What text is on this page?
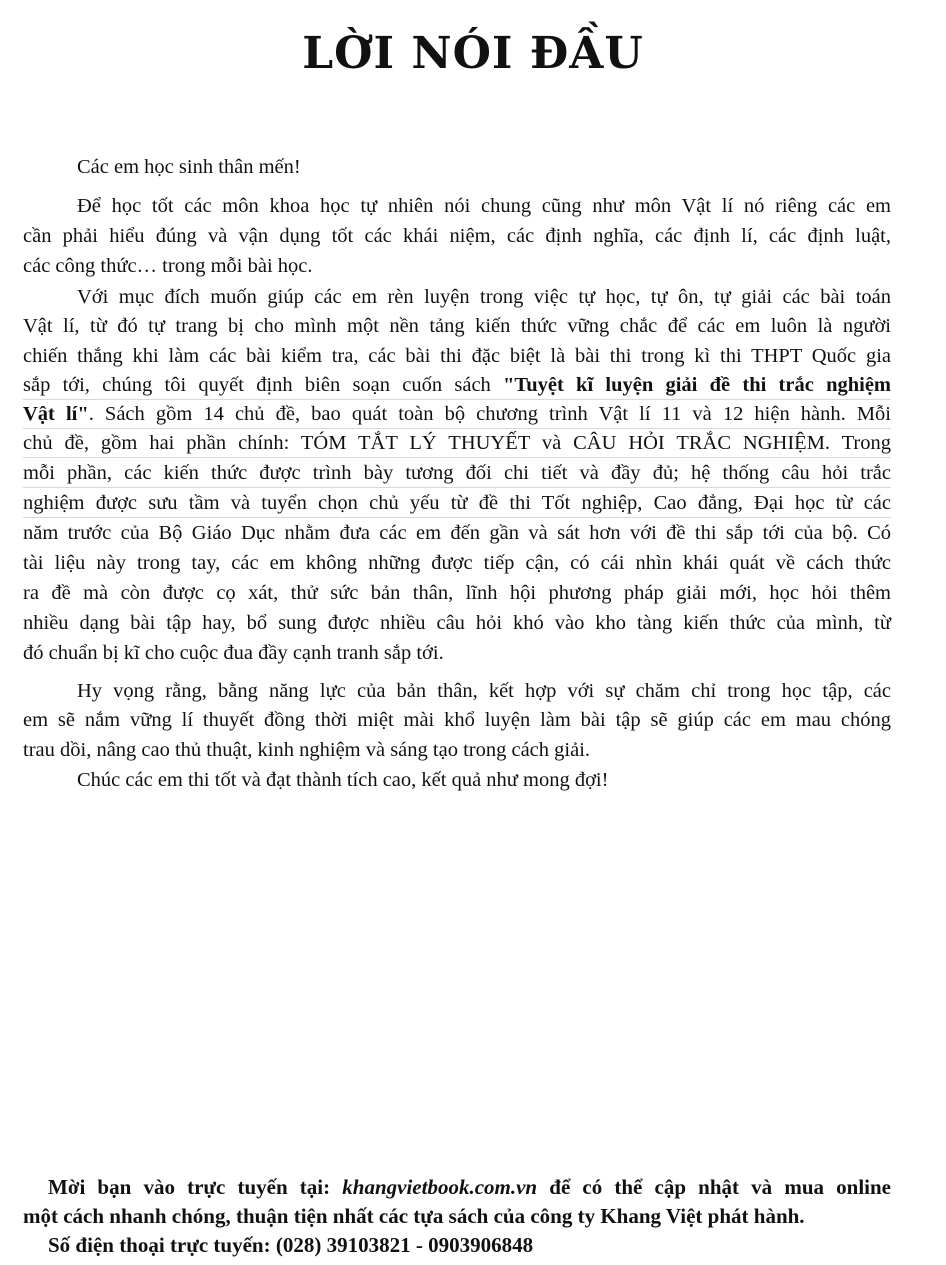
LỜI NÓI ĐẦU
Các em học sinh thân mến!
Để học tốt các môn khoa học tự nhiên nói chung cũng như môn Vật lí nó riêng các em
cần phải hiểu đúng và vận dụng tốt các khái niệm, các định nghĩa, các định lí, các định luật,
các công thức… trong mỗi bài học.
Với mục đích muốn giúp các em rèn luyện trong việc tự học, tự ôn, tự giải các bài toán
Vật lí, từ đó tự trang bị cho mình một nền tảng kiến thức vững chắc để các em luôn là người
chiến thắng khi làm các bài kiểm tra, các bài thi đặc biệt là bài thi trong kì thi THPT Quốc gia
sắp tới, chúng tôi quyết định biên soạn cuốn sách "Tuyệt kĩ luyện giải đề thi trắc nghiệm
Vật lí". Sách gồm 14 chủ đề, bao quát toàn bộ chương trình Vật lí 11 và 12 hiện hành. Mỗi
chủ đề, gồm hai phần chính: TÓM TẮT LÝ THUYẾT và CÂU HỎI TRẮC NGHIỆM. Trong
mỗi phần, các kiến thức được trình bày tương đối chi tiết và đầy đủ; hệ thống câu hỏi trắc
nghiệm được sưu tầm và tuyển chọn chủ yếu từ đề thi Tốt nghiệp, Cao đẳng, Đại học từ các
năm trước của Bộ Giáo Dục nhằm đưa các em đến gần và sát hơn với đề thi sắp tới của bộ. Có
tài liệu này trong tay, các em không những được tiếp cận, có cái nhìn khái quát về cách thức
ra đề mà còn được cọ xát, thử sức bản thân, lĩnh hội phương pháp giải mới, học hỏi thêm
nhiều dạng bài tập hay, bổ sung được nhiều câu hỏi khó vào kho tàng kiến thức của mình, từ
đó chuẩn bị kĩ cho cuộc đua đầy cạnh tranh sắp tới.
Hy vọng rằng, bằng năng lực của bản thân, kết hợp với sự chăm chỉ trong học tập, các
em sẽ nắm vững lí thuyết đồng thời miệt mài khổ luyện làm bài tập sẽ giúp các em mau chóng
trau dồi, nâng cao thủ thuật, kinh nghiệm và sáng tạo trong cách giải.
Chúc các em thi tốt và đạt thành tích cao, kết quả như mong đợi!
Mời bạn vào trực tuyến tại: khangvietbook.com.vn để có thể cập nhật và mua online
một cách nhanh chóng, thuận tiện nhất các tựa sách của công ty Khang Việt phát hành.
Số điện thoại trực tuyến: (028) 39103821 - 0903906848
